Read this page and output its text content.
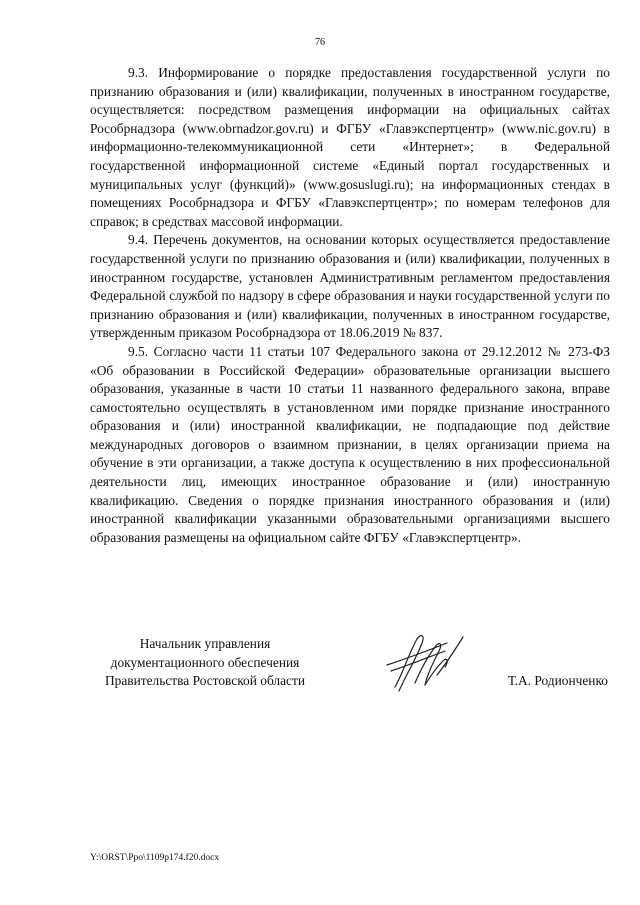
76

9.3. Информирование о порядке предоставления государственной услуги по признанию образования и (или) квалификации, полученных в иностранном государстве, осуществляется: посредством размещения информации на официальных сайтах Рособрнадзора (www.obrnadzor.gov.ru) и ФГБУ «Главэкспертцентр» (www.nic.gov.ru) в информационно-телекоммуникационной сети «Интернет»; в Федеральной государственной информационной системе «Единый портал государственных и муниципальных услуг (функций)» (www.gosuslugi.ru); на информационных стендах в помещениях Рособрнадзора и ФГБУ «Главэкспертцентр»; по номерам телефонов для справок; в средствах массовой информации.

9.4. Перечень документов, на основании которых осуществляется предоставление государственной услуги по признанию образования и (или) квалификации, полученных в иностранном государстве, установлен Административным регламентом предоставления Федеральной службой по надзору в сфере образования и науки государственной услуги по признанию образования и (или) квалификации, полученных в иностранном государстве, утвержденным приказом Рособрнадзора от 18.06.2019 № 837.

9.5. Согласно части 11 статьи 107 Федерального закона от 29.12.2012 № 273-ФЗ «Об образовании в Российской Федерации» образовательные организации высшего образования, указанные в части 10 статьи 11 названного федерального закона, вправе самостоятельно осуществлять в установленном ими порядке признание иностранного образования и (или) иностранной квалификации, не подпадающие под действие международных договоров о взаимном признании, в целях организации приема на обучение в эти организации, а также доступа к осуществлению в них профессиональной деятельности лиц, имеющих иностранное образование и (или) иностранную квалификацию. Сведения о порядке признания иностранного образования и (или) иностранной квалификации указанными образовательными организациями высшего образования размещены на официальном сайте ФГБУ «Главэкспертцентр».

Начальник управления
документационного обеспечения
Правительства Ростовской области	Т.А. Родионченко
Y:\ORST\Ppo\1109p174.f20.docx
